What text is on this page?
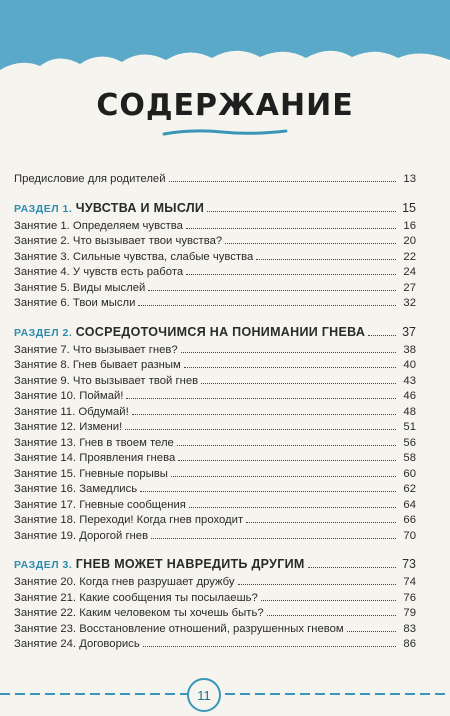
СОДЕРЖАНИЕ
Предисловие для родителей	13
РАЗДЕЛ 1. ЧУВСТВА И МЫСЛИ	15
Занятие 1. Определяем чувства	16
Занятие 2. Что вызывает твои чувства?	20
Занятие 3. Сильные чувства, слабые чувства	22
Занятие 4. У чувств есть работа	24
Занятие 5. Виды мыслей	27
Занятие 6. Твои мысли	32
РАЗДЕЛ 2. СОСРЕДОТОЧИМСЯ НА ПОНИМАНИИ ГНЕВА	37
Занятие 7. Что вызывает гнев?	38
Занятие 8. Гнев бывает разным	40
Занятие 9. Что вызывает твой гнев	43
Занятие 10. Поймай!	46
Занятие 11. Обдумай!	48
Занятие 12. Измени!	51
Занятие 13. Гнев в твоем теле	56
Занятие 14. Проявления гнева	58
Занятие 15. Гневные порывы	60
Занятие 16. Замедлись	62
Занятие 17. Гневные сообщения	64
Занятие 18. Переходи! Когда гнев проходит	66
Занятие 19. Дорогой гнев	70
РАЗДЕЛ 3. ГНЕВ МОЖЕТ НАВРЕДИТЬ ДРУГИМ	73
Занятие 20. Когда гнев разрушает дружбу	74
Занятие 21. Какие сообщения ты посылаешь?	76
Занятие 22. Каким человеком ты хочешь быть?	79
Занятие 23. Восстановление отношений, разрушенных гневом	83
Занятие 24. Договорись	86
11
